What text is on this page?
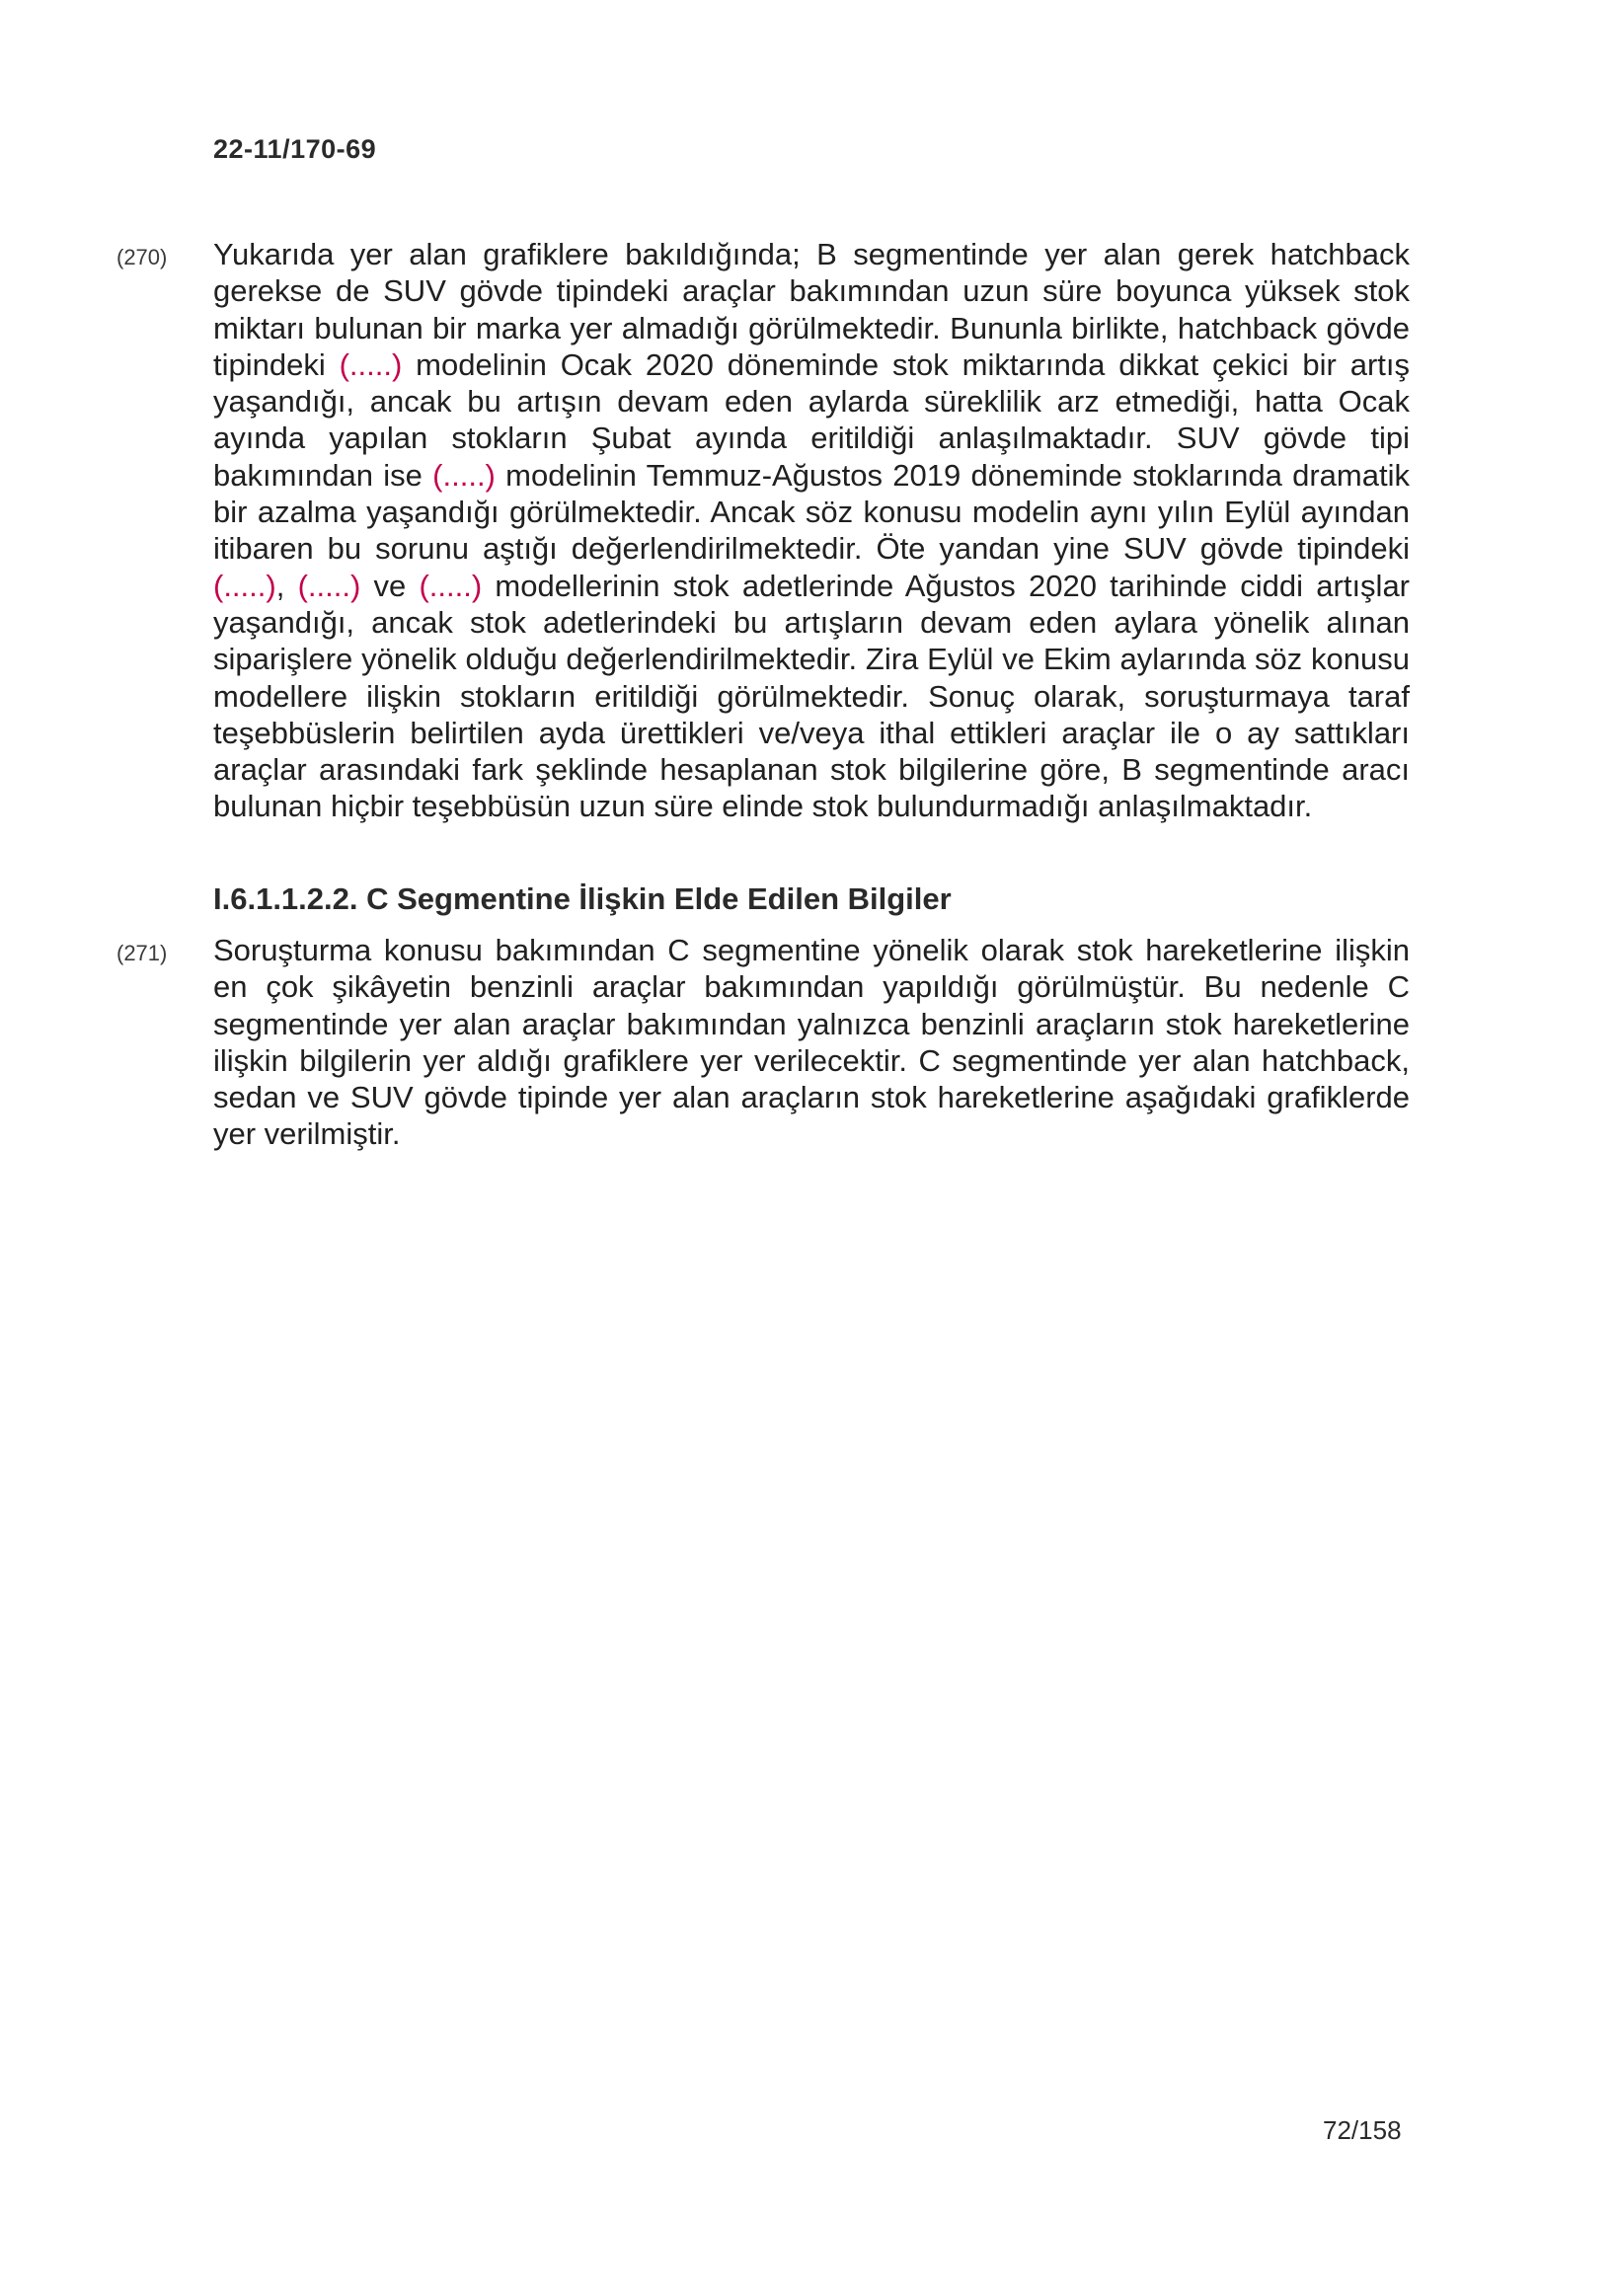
22-11/170-69
(270) Yukarıda yer alan grafiklere bakıldığında; B segmentinde yer alan gerek hatchback gerekse de SUV gövde tipindeki araçlar bakımından uzun süre boyunca yüksek stok miktarı bulunan bir marka yer almadığı görülmektedir. Bununla birlikte, hatchback gövde tipindeki (.....) modelinin Ocak 2020 döneminde stok miktarında dikkat çekici bir artış yaşandığı, ancak bu artışın devam eden aylarda süreklilik arz etmediği, hatta Ocak ayında yapılan stokların Şubat ayında eritildiği anlaşılmaktadır. SUV gövde tipi bakımından ise (.....) modelinin Temmuz-Ağustos 2019 döneminde stoklarında dramatik bir azalma yaşandığı görülmektedir. Ancak söz konusu modelin aynı yılın Eylül ayından itibaren bu sorunu aştığı değerlendirilmektedir. Öte yandan yine SUV gövde tipindeki (.....), (.....) ve (.....) modellerinin stok adetlerinde Ağustos 2020 tarihinde ciddi artışlar yaşandığı, ancak stok adetlerindeki bu artışların devam eden aylara yönelik alınan siparişlere yönelik olduğu değerlendirilmektedir. Zira Eylül ve Ekim aylarında söz konusu modellere ilişkin stokların eritildiği görülmektedir. Sonuç olarak, soruşturmaya taraf teşebbüslerin belirtilen ayda ürettikleri ve/veya ithal ettikleri araçlar ile o ay sattıkları araçlar arasındaki fark şeklinde hesaplanan stok bilgilerine göre, B segmentinde aracı bulunan hiçbir teşebbüsün uzun süre elinde stok bulundurmadığı anlaşılmaktadır.
I.6.1.1.2.2. C Segmentine İlişkin Elde Edilen Bilgiler
(271) Soruşturma konusu bakımından C segmentine yönelik olarak stok hareketlerine ilişkin en çok şikâyetin benzinli araçlar bakımından yapıldığı görülmüştür. Bu nedenle C segmentinde yer alan araçlar bakımından yalnızca benzinli araçların stok hareketlerine ilişkin bilgilerin yer aldığı grafiklere yer verilecektir. C segmentinde yer alan hatchback, sedan ve SUV gövde tipinde yer alan araçların stok hareketlerine aşağıdaki grafiklerde yer verilmiştir.
72/158
